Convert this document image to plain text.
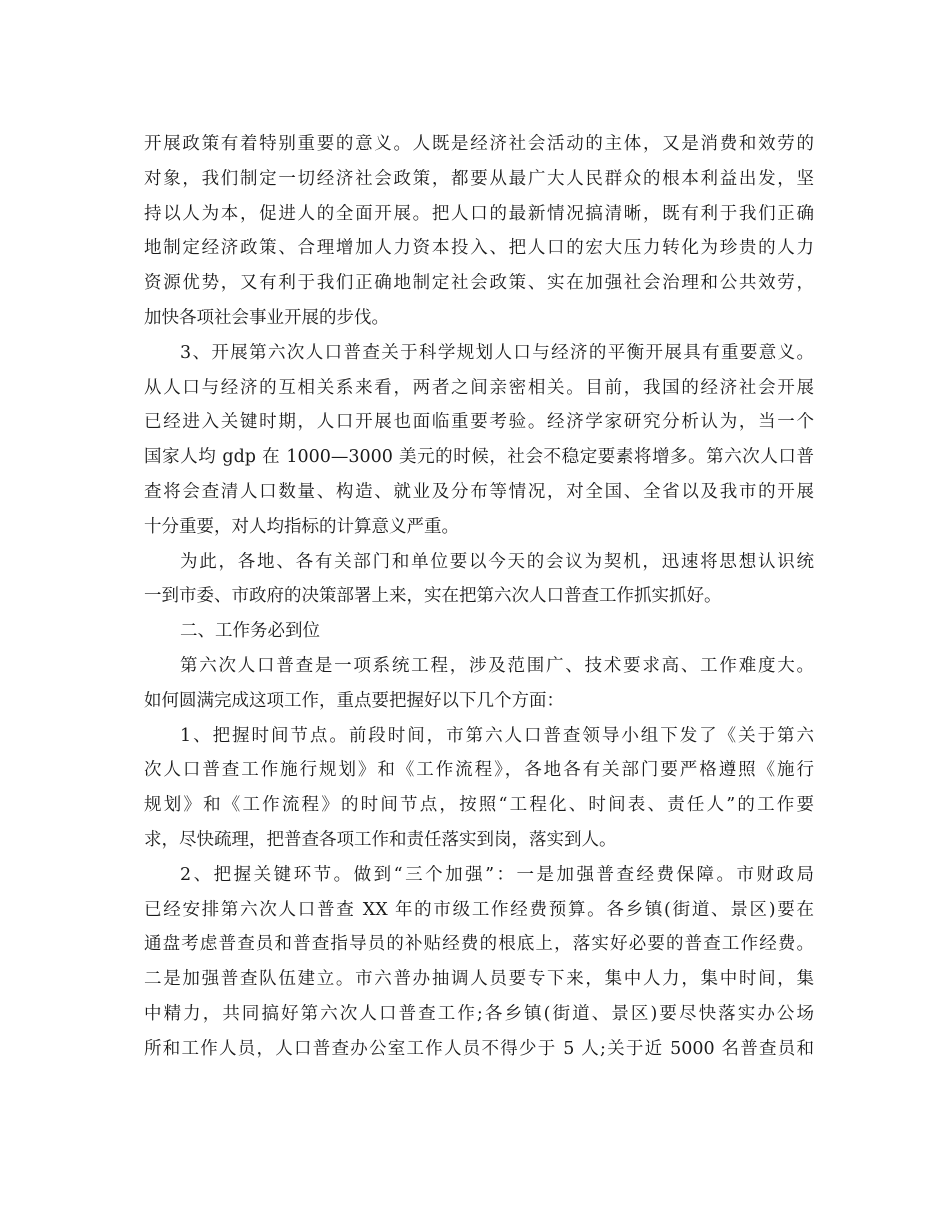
开展政策有着特别重要的意义。人既是经济社会活动的主体，又是消费和效劳的
对象，我们制定一切经济社会政策，都要从最广大人民群众的根本利益出发，坚
持以人为本，促进人的全面开展。把人口的最新情况搞清晰，既有利于我们正确
地制定经济政策、合理增加人力资本投入、把人口的宏大压力转化为珍贵的人力
资源优势，又有利于我们正确地制定社会政策、实在加强社会治理和公共效劳，
加快各项社会事业开展的步伐。
3、开展第六次人口普查关于科学规划人口与经济的平衡开展具有重要意义。
从人口与经济的互相关系来看，两者之间亲密相关。目前，我国的经济社会开展
已经进入关键时期，人口开展也面临重要考验。经济学家研究分析认为，当一个
国家人均 gdp 在 1000—3000 美元的时候，社会不稳定要素将增多。第六次人口普
查将会查清人口数量、构造、就业及分布等情况，对全国、全省以及我市的开展
十分重要，对人均指标的计算意义严重。
为此，各地、各有关部门和单位要以今天的会议为契机，迅速将思想认识统
一到市委、市政府的决策部署上来，实在把第六次人口普查工作抓实抓好。
二、工作务必到位
第六次人口普查是一项系统工程，涉及范围广、技术要求高、工作难度大。
如何圆满完成这项工作，重点要把握好以下几个方面：
1、把握时间节点。前段时间，市第六人口普查领导小组下发了《关于第六
次人口普查工作施行规划》和《工作流程》，各地各有关部门要严格遵照《施行
规划》和《工作流程》的时间节点，按照“工程化、时间表、责任人”的工作要
求，尽快疏理，把普查各项工作和责任落实到岗，落实到人。
2、把握关键环节。做到“三个加强”：一是加强普查经费保障。市财政局
已经安排第六次人口普查 XX 年的市级工作经费预算。各乡镇(街道、景区)要在
通盘考虑普查员和普查指导员的补贴经费的根底上，落实好必要的普查工作经费。
二是加强普查队伍建立。市六普办抽调人员要专下来，集中人力，集中时间，集
中精力，共同搞好第六次人口普查工作;各乡镇(街道、景区)要尽快落实办公场
所和工作人员，人口普查办公室工作人员不得少于 5 人;关于近 5000 名普查员和
